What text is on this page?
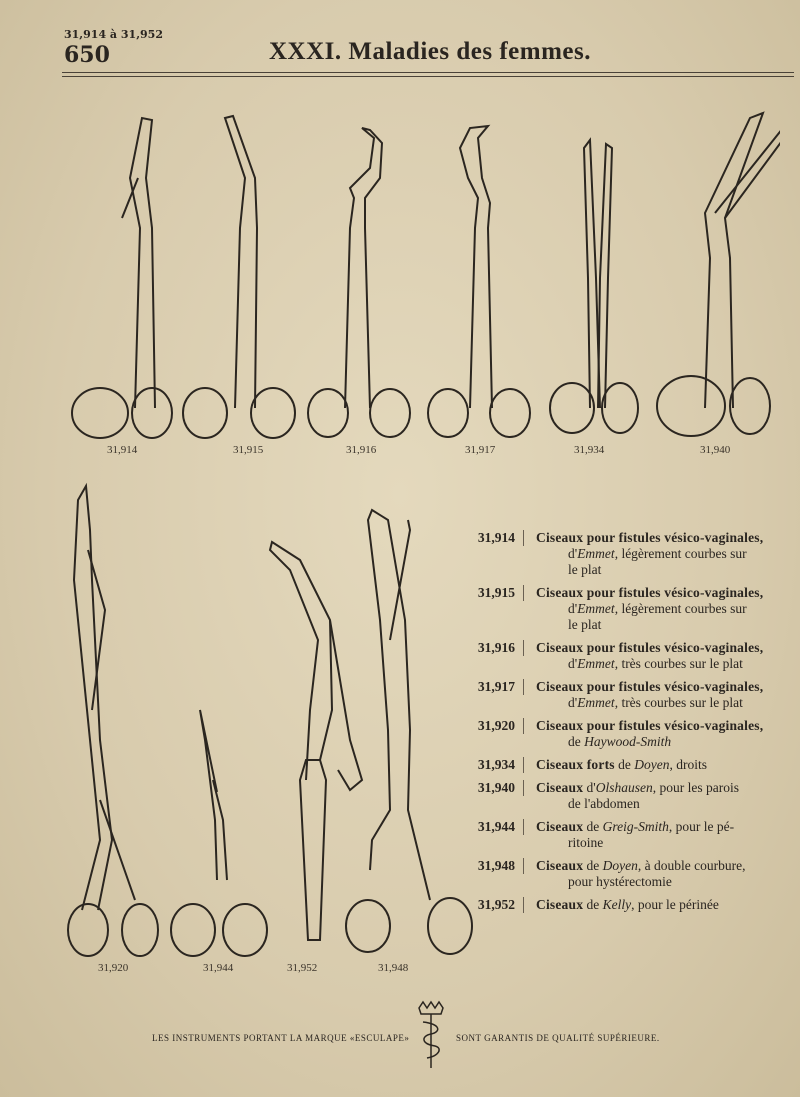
31,914 à 31,952
650	XXXI. Maladies des femmes.
31,914	31,915	31,916	31,917	31,934	31,940
31,920	31,944	31,952	31,948
31,914	Ciseaux pour fistules vésico-vaginales,
d'Emmet, légèrement courbes sur
le plat
31,915	Ciseaux pour fistules vésico-vaginales,
d'Emmet, légèrement courbes sur
le plat
31,916	Ciseaux pour fistules vésico-vaginales,
d'Emmet, très courbes sur le plat
31,917	Ciseaux pour fistules vésico-vaginales,
d'Emmet, très courbes sur le plat
31,920	Ciseaux pour fistules vésico-vaginales,
de Haywood-Smith
31,934	Ciseaux forts de Doyen, droits
31,940	Ciseaux d'Olshausen, pour les parois
de l'abdomen
31,944	Ciseaux de Greig-Smith, pour le pé-
ritoine
31,948	Ciseaux de Doyen, à double courbure,
pour hystérectomie
31,952	Ciseaux de Kelly, pour le périnée
LES INSTRUMENTS PORTANT LA MARQUE «ESCULAPE»	SONT GARANTIS DE QUALITÉ SUPÉRIEURE.
